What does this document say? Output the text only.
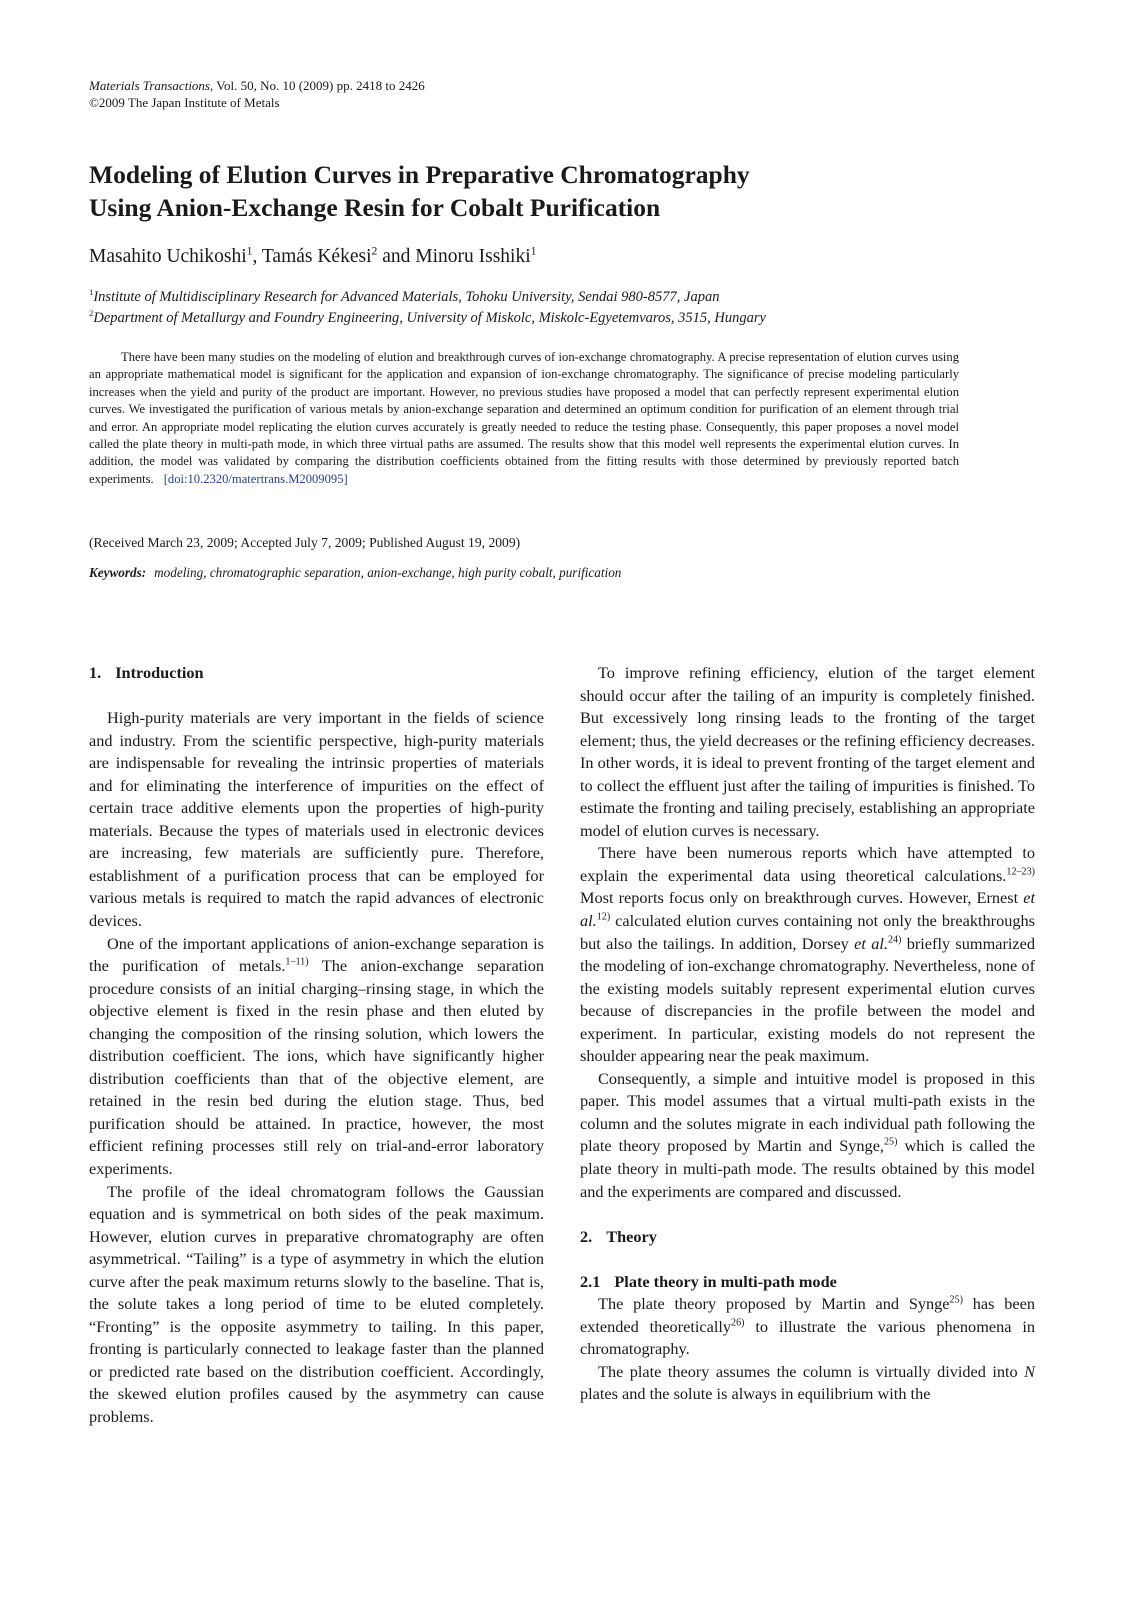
Materials Transactions, Vol. 50, No. 10 (2009) pp. 2418 to 2426
©2009 The Japan Institute of Metals
Modeling of Elution Curves in Preparative Chromatography
Using Anion-Exchange Resin for Cobalt Purification
Masahito Uchikoshi$^1$, Tamás Kékesi$^2$ and Minoru Isshiki$^1$
$^1$Institute of Multidisciplinary Research for Advanced Materials, Tohoku University, Sendai 980-8577, Japan
$^2$Department of Metallurgy and Foundry Engineering, University of Miskolc, Miskolc-Egyetemvaros, 3515, Hungary
There have been many studies on the modeling of elution and breakthrough curves of ion-exchange chromatography. A precise representation of elution curves using an appropriate mathematical model is significant for the application and expansion of ion-exchange chromatography. The significance of precise modeling particularly increases when the yield and purity of the product are important. However, no previous studies have proposed a model that can perfectly represent experimental elution curves. We investigated the purification of various metals by anion-exchange separation and determined an optimum condition for purification of an element through trial and error. An appropriate model replicating the elution curves accurately is greatly needed to reduce the testing phase. Consequently, this paper proposes a novel model called the plate theory in multi-path mode, in which three virtual paths are assumed. The results show that this model well represents the experimental elution curves. In addition, the model was validated by comparing the distribution coefficients obtained from the fitting results with those determined by previously reported batch experiments. [doi:10.2320/matertrans.M2009095]
(Received March 23, 2009; Accepted July 7, 2009; Published August 19, 2009)
Keywords: modeling, chromatographic separation, anion-exchange, high purity cobalt, purification
1. Introduction

High-purity materials are very important in the fields of science and industry. From the scientific perspective, high-purity materials are indispensable for revealing the intrinsic properties of materials and for eliminating the interference of impurities on the effect of certain trace additive elements upon the properties of high-purity materials. Because the types of materials used in electronic devices are increasing, few materials are sufficiently pure. Therefore, establishment of a purification process that can be employed for various metals is required to match the rapid advances of electronic devices.

One of the important applications of anion-exchange separation is the purification of metals.$^{1-11)}$ The anion-exchange separation procedure consists of an initial charging–rinsing stage, in which the objective element is fixed in the resin phase and then eluted by changing the composition of the rinsing solution, which lowers the distribution coefficient. The ions, which have significantly higher distribution coefficients than that of the objective element, are retained in the resin bed during the elution stage. Thus, bed purification should be attained. In practice, however, the most efficient refining processes still rely on trial-and-error laboratory experiments.

The profile of the ideal chromatogram follows the Gaussian equation and is symmetrical on both sides of the peak maximum. However, elution curves in preparative chromatography are often asymmetrical. “Tailing” is a type of asymmetry in which the elution curve after the peak maximum returns slowly to the baseline. That is, the solute takes a long period of time to be eluted completely. “Fronting” is the opposite asymmetry to tailing. In this paper, fronting is particularly connected to leakage faster than the planned or predicted rate based on the distribution coefficient. Accordingly, the skewed elution profiles caused by the asymmetry can cause problems.

To improve refining efficiency, elution of the target element should occur after the tailing of an impurity is completely finished. But excessively long rinsing leads to the fronting of the target element; thus, the yield decreases or the refining efficiency decreases. In other words, it is ideal to prevent fronting of the target element and to collect the effluent just after the tailing of impurities is finished. To estimate the fronting and tailing precisely, establishing an appropriate model of elution curves is necessary.

There have been numerous reports which have attempted to explain the experimental data using theoretical calculations.$^{12-23)}$ Most reports focus only on breakthrough curves. However, Ernest et al.$^{12)}$ calculated elution curves containing not only the breakthroughs but also the tailings. In addition, Dorsey et al.$^{24)}$ briefly summarized the modeling of ion-exchange chromatography. Nevertheless, none of the existing models suitably represent experimental elution curves because of discrepancies in the profile between the model and experiment. In particular, existing models do not represent the shoulder appearing near the peak maximum.

Consequently, a simple and intuitive model is proposed in this paper. This model assumes that a virtual multi-path exists in the column and the solutes migrate in each individual path following the plate theory proposed by Martin and Synge,$^{25)}$ which is called the plate theory in multi-path mode. The results obtained by this model and the experiments are compared and discussed.

2. Theory
2.1 Plate theory in multi-path mode

The plate theory proposed by Martin and Synge$^{25)}$ has been extended theoretically$^{26)}$ to illustrate the various phenomena in chromatography.

The plate theory assumes the column is virtually divided into N plates and the solute is always in equilibrium with the
